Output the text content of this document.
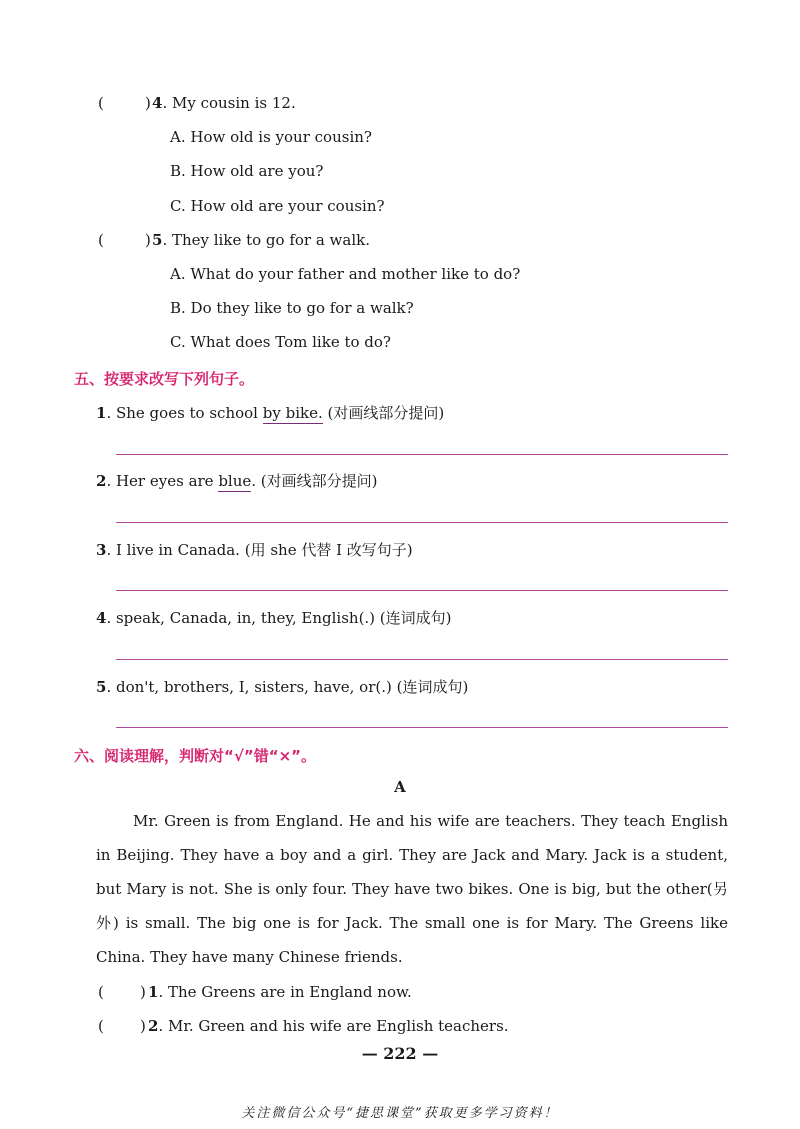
(	) 4. My cousin is 12.
A. How old is your cousin?
B. How old are you?
C. How old are your cousin?
(	) 5. They like to go for a walk.
A. What do your father and mother like to do?
B. Do they like to go for a walk?
C. What does Tom like to do?
五、按要求改写下列句子。
1. She goes to school by bike. (对画线部分提问)
2. Her eyes are blue. (对画线部分提问)
3. I live in Canada. (用 she 代替 I 改写句子)
4. speak, Canada, in, they, English(.) (连词成句)
5. don't, brothers, I, sisters, have, or(.) (连词成句)
六、阅读理解，判断对“√”错“×”。
A

Mr. Green is from England. He and his wife are teachers. They teach English in Beijing. They have a boy and a girl. They are Jack and Mary. Jack is a student, but Mary is not. She is only four. They have two bikes. One is big, but the other(另外) is small. The big one is for Jack. The small one is for Mary. The Greens like China. They have many Chinese friends.

( ) 1. The Greens are in England now.
( ) 2. Mr. Green and his wife are English teachers.
— 222 —
关注微信公众号“捷思课堂”获取更多学习资料！
